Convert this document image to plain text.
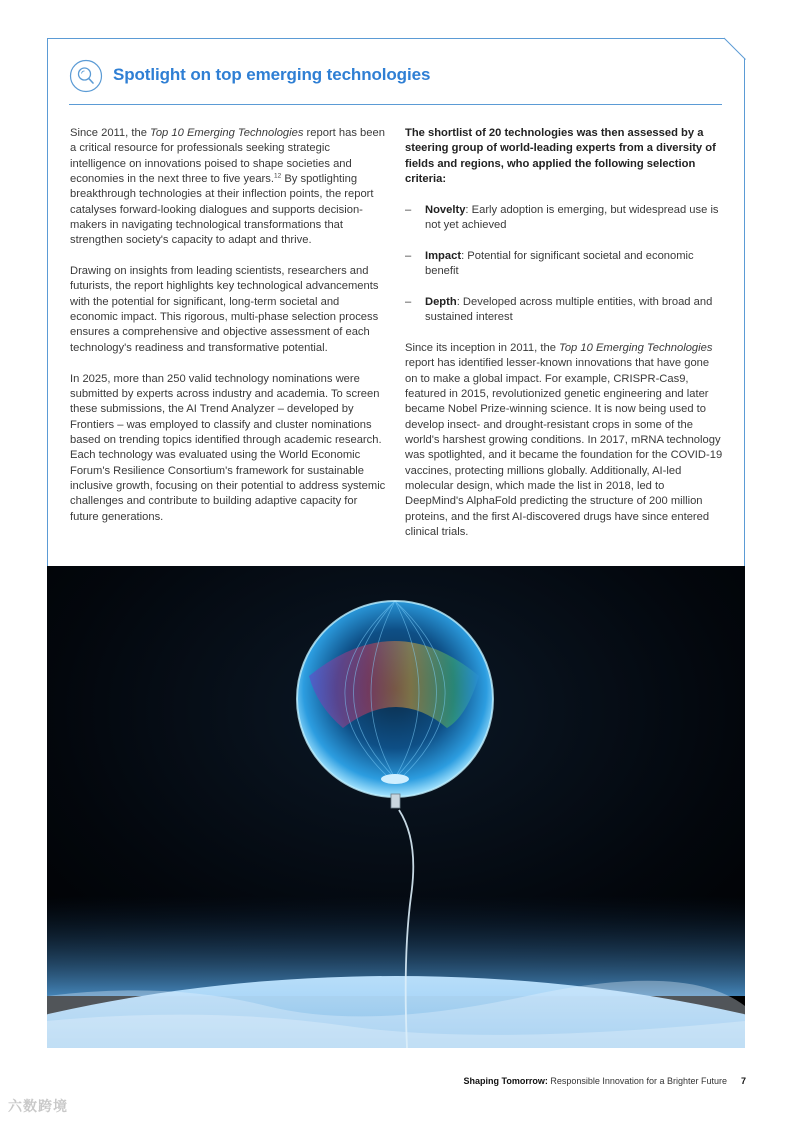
Spotlight on top emerging technologies

Since 2011, the Top 10 Emerging Technologies report has been a critical resource for professionals seeking strategic intelligence on innovations poised to shape societies and economies in the next three to five years.$^{12}$ By spotlighting breakthrough technologies at their inflection points, the report catalyses forward-looking dialogues and supports decision-makers in navigating technological transformations that strengthen society's capacity to adapt and thrive.

Drawing on insights from leading scientists, researchers and futurists, the report highlights key technological advancements with the potential for significant, long-term societal and economic impact. This rigorous, multi-phase selection process ensures a comprehensive and objective assessment of each technology's readiness and transformative potential.

In 2025, more than 250 valid technology nominations were submitted by experts across industry and academia. To screen these submissions, the AI Trend Analyzer – developed by Frontiers – was employed to classify and cluster nominations based on trending topics identified through academic research. Each technology was evaluated using the World Economic Forum's Resilience Consortium's framework for sustainable inclusive growth, focusing on their potential to address systemic challenges and contribute to building adaptive capacity for future generations.

The shortlist of 20 technologies was then assessed by a steering group of world-leading experts from a diversity of fields and regions, who applied the following selection criteria:

– Novelty: Early adoption is emerging, but widespread use is not yet achieved
– Impact: Potential for significant societal and economic benefit
– Depth: Developed across multiple entities, with broad and sustained interest

Since its inception in 2011, the Top 10 Emerging Technologies report has identified lesser-known innovations that have gone on to make a global impact. For example, CRISPR-Cas9, featured in 2015, revolutionized genetic engineering and later became Nobel Prize-winning science. It is now being used to develop insect- and drought-resistant crops in some of the world's harshest growing conditions. In 2017, mRNA technology was spotlighted, and it became the foundation for the COVID-19 vaccines, protecting millions globally. Additionally, AI-led molecular design, which made the list in 2018, led to DeepMind's AlphaFold predicting the structure of 200 million proteins, and the first AI-discovered drugs have since entered clinical trials.

Shaping Tomorrow: Responsible Innovation for a Brighter Future 7
六数跨境
